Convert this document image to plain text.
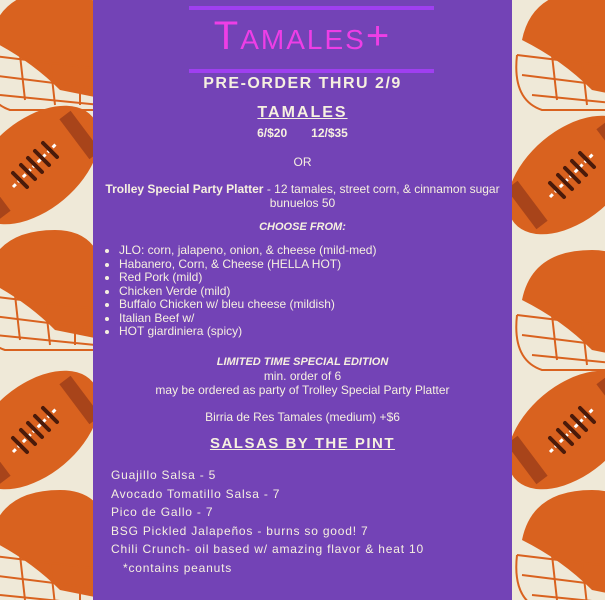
Tamales+
PRE-ORDER THRU 2/9
TAMALES
6/$20 12/$35
OR
Trolley Special Party Platter - 12 tamales, street corn, & cinnamon sugar bunuelos 50
CHOOSE FROM:
• JLO: corn, jalapeno, onion, & cheese (mild-med)
• Habanero, Corn, & Cheese (HELLA HOT)
• Red Pork (mild)
• Chicken Verde (mild)
• Buffalo Chicken w/ bleu cheese (mildish)
• Italian Beef w/
• HOT giardiniera (spicy)
LIMITED TIME SPECIAL EDITION
min. order of 6
may be ordered as party of Trolley Special Party Platter
Birria de Res Tamales (medium) +$6
SALSAS BY THE PINT
Guajillo Salsa - 5
Avocado Tomatillo Salsa - 7
Pico de Gallo - 7
BSG Pickled Jalapeños - burns so good! 7
Chili Crunch- oil based w/ amazing flavor & heat 10
*contains peanuts
